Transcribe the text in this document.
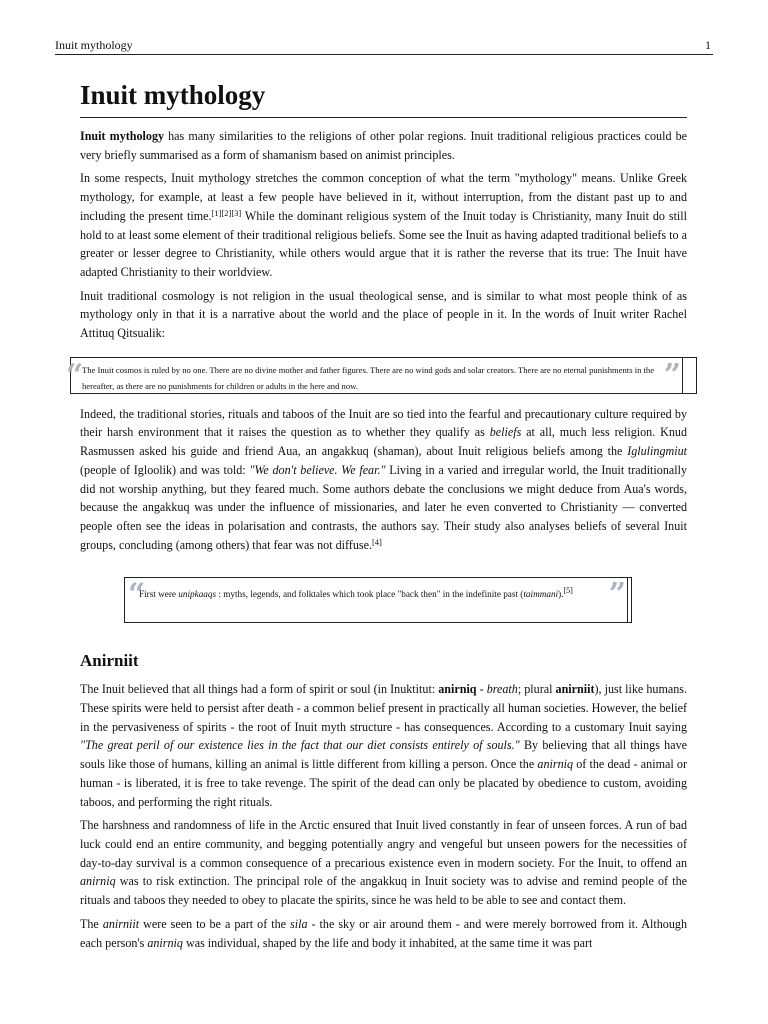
Inuit mythology	1
Inuit mythology

Inuit mythology has many similarities to the religions of other polar regions. Inuit traditional religious practices could be very briefly summarised as a form of shamanism based on animist principles.

In some respects, Inuit mythology stretches the common conception of what the term "mythology" means. Unlike Greek mythology, for example, at least a few people have believed in it, without interruption, from the distant past up to and including the present time.[1][2][3] While the dominant religious system of the Inuit today is Christianity, many Inuit do still hold to at least some element of their traditional religious beliefs. Some see the Inuit as having adapted traditional beliefs to a greater or lesser degree to Christianity, while others would argue that it is rather the reverse that its true: The Inuit have adapted Christianity to their worldview.

Inuit traditional cosmology is not religion in the usual theological sense, and is similar to what most people think of as mythology only in that it is a narrative about the world and the place of people in it. In the words of Inuit writer Rachel Attituq Qitsualik:

“
The Inuit cosmos is ruled by no one. There are no divine mother and father figures. There are no wind gods and solar creators. There are no eternal punishments in the hereafter, as there are no punishments for children or adults in the here and now.	”

Indeed, the traditional stories, rituals and taboos of the Inuit are so tied into the fearful and precautionary culture required by their harsh environment that it raises the question as to whether they qualify as beliefs at all, much less religion. Knud Rasmussen asked his guide and friend Aua, an angakkuq (shaman), about Inuit religious beliefs among the Iglulingmiut (people of Igloolik) and was told: "We don't believe. We fear." Living in a varied and irregular world, the Inuit traditionally did not worship anything, but they feared much. Some authors debate the conclusions we might deduce from Aua's words, because the angakkuq was under the influence of missionaries, and later he even converted to Christianity — converted people often see the ideas in polarisation and contrasts, the authors say. Their study also analyses beliefs of several Inuit groups, concluding (among others) that fear was not diffuse.[4]

“
First were unipkaaqs : myths, legends, and folktales which took place "back then" in the indefinite past (taimmani).[5] ”
Anirniit

The Inuit believed that all things had a form of spirit or soul (in Inuktitut: anirniq - breath; plural anirniit), just like humans. These spirits were held to persist after death - a common belief present in practically all human societies. However, the belief in the pervasiveness of spirits - the root of Inuit myth structure - has consequences. According to a customary Inuit saying "The great peril of our existence lies in the fact that our diet consists entirely of souls." By believing that all things have souls like those of humans, killing an animal is little different from killing a person. Once the anirniq of the dead - animal or human - is liberated, it is free to take revenge. The spirit of the dead can only be placated by obedience to custom, avoiding taboos, and performing the right rituals.

The harshness and randomness of life in the Arctic ensured that Inuit lived constantly in fear of unseen forces. A run of bad luck could end an entire community, and begging potentially angry and vengeful but unseen powers for the necessities of day-to-day survival is a common consequence of a precarious existence even in modern society. For the Inuit, to offend an anirniq was to risk extinction. The principal role of the angakkuq in Inuit society was to advise and remind people of the rituals and taboos they needed to obey to placate the spirits, since he was held to be able to see and contact them.

The anirniit were seen to be a part of the sila - the sky or air around them - and were merely borrowed from it. Although each person's anirniq was individual, shaped by the life and body it inhabited, at the same time it was part
